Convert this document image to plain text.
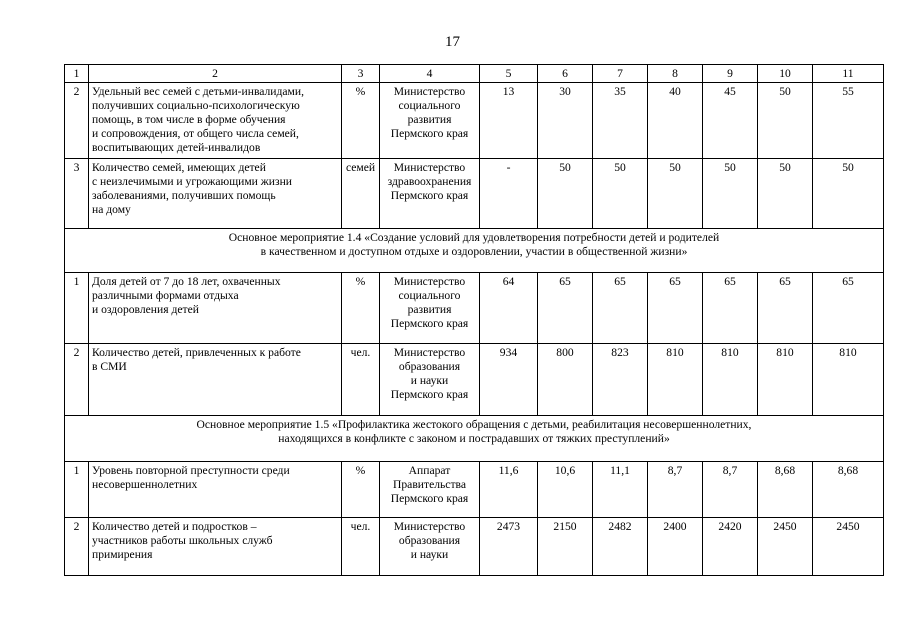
17
1	2	3	4	5	6	7	8	9	10	11

2	Удельный вес семей с детьми-инвалидами,
получивших социально-психологическую
помощь, в том числе в форме обучения
и сопровождения, от общего числа семей,
воспитывающих детей-инвалидов	%	Министерство
социального
развития
Пермского края	13	30	35	40	45	50	55

3	Количество семей, имеющих детей
с неизлечимыми и угрожающими жизни
заболеваниями, получивших помощь
на дому	семей	Министерство
здравоохранения
Пермского края	-	50	50	50	50	50	50

Основное мероприятие 1.4 «Создание условий для удовлетворения потребности детей и родителей
в качественном и доступном отдыхе и оздоровлении, участии в общественной жизни»										

1	Доля детей от 7 до 18 лет, охваченных
различными формами отдыха
и оздоровления детей	%	Министерство
социального
развития
Пермского края	64	65	65	65	65	65	65

2	Количество детей, привлеченных к работе
в СМИ	чел.	Министерство
образования
и науки
Пермского края	934	800	823	810	810	810	810

Основное мероприятие 1.5 «Профилактика жестокого обращения с детьми, реабилитация несовершеннолетних,
находящихся в конфликте с законом и пострадавших от тяжких преступлений»										

1	Уровень повторной преступности среди
несовершеннолетних	%	Аппарат
Правительства
Пермского края	11,6	10,6	11,1	8,7	8,7	8,68	8,68

2	Количество детей и подростков –
участников работы школьных служб
примирения	чел.	Министерство
образования
и науки	2473	2150	2482	2400	2420	2450	2450
